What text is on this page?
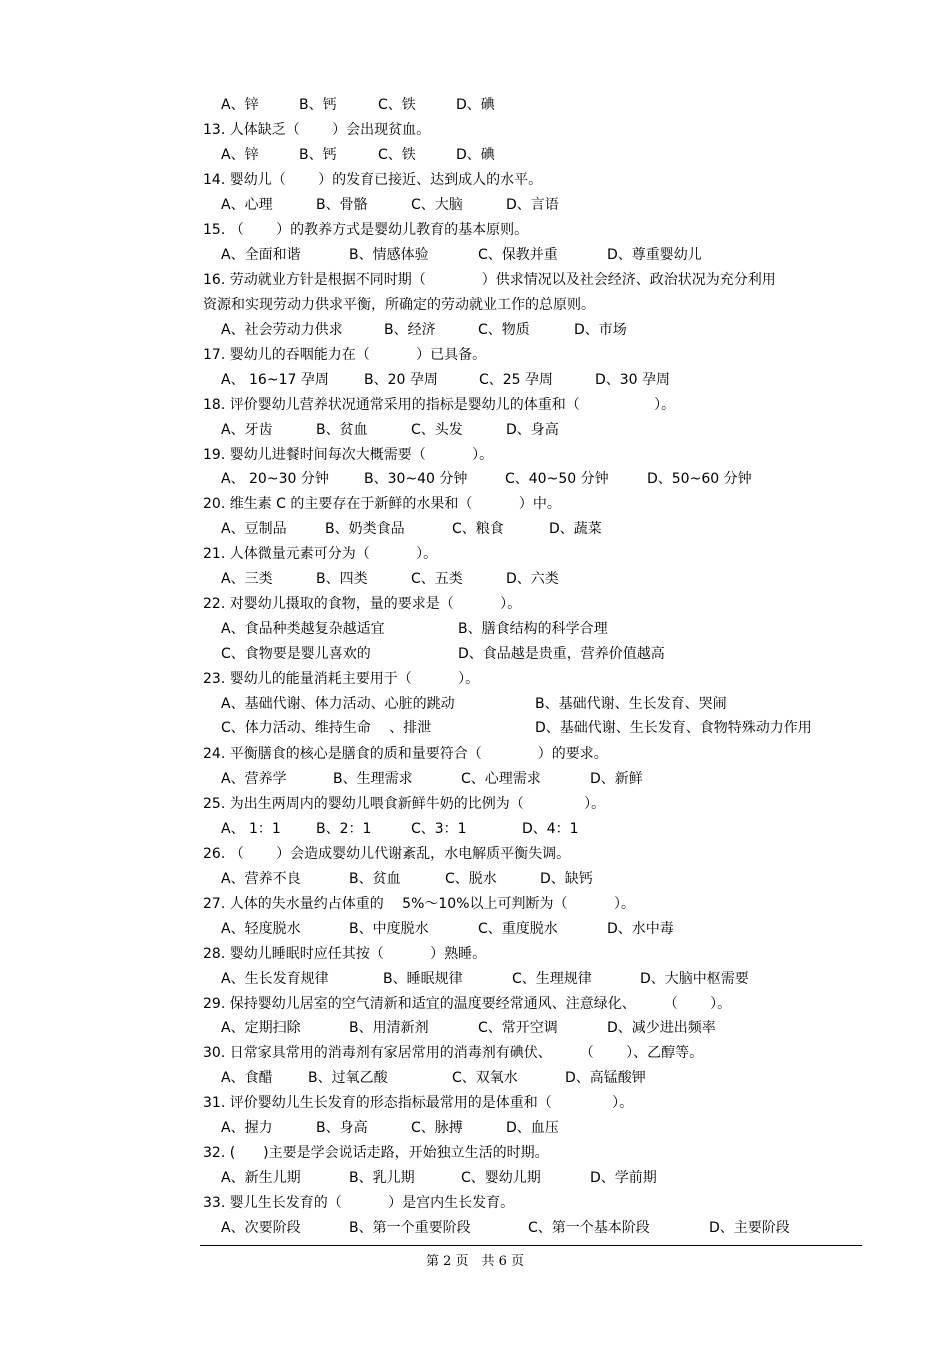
A、锌

	B、钙

	C、铁

	D、碘

13. 人体缺乏（　　 ）会出现贫血。

A、锌

	B、钙

	C、铁

	D、碘

14. 婴幼儿（　　 ）的发育已接近、达到成人的水平。

A、心理

	B、骨骼

	C、大脑

	D、言语

15. （　　 ）的教养方式是婴幼儿教育的基本原则。

A、全面和谐

	B、情感体验

	C、保教并重

	D、尊重婴幼儿

16. 劳动就业方针是根据不同时期（　　　　）供求情况以及社会经济、政治状况为充分利用
资源和实现劳动力供求平衡，所确定的劳动就业工作的总原则。

A、社会劳动力供求

	B、经济

	C、物质

	D、市场

17. 婴幼儿的吞咽能力在（　　　 ）已具备。

A、 16~17 孕周

	B、20 孕周

	C、25 孕周

	D、30 孕周

18. 评价婴幼儿营养状况通常采用的指标是婴幼儿的体重和（　　　　　 ）。

A、牙齿

	B、贫血

	C、头发

	D、身高

19. 婴幼儿进餐时间每次大概需要（　　　 ）。

A、 20~30 分钟

	B、30~40 分钟

	C、40~50 分钟

	D、50~60 分钟

20. 维生素 C 的主要存在于新鲜的水果和（　　　 ）中。

A、豆制品

	B、奶类食品

	C、粮食

	D、蔬菜

21. 人体微量元素可分为（　　　 ）。

A、三类

	B、四类

	C、五类

	D、六类

22. 对婴幼儿摄取的食物，量的要求是（　　　 ）。

A、食品种类越复杂越适宜

	B、膳食结构的科学合理

C、食物要是婴儿喜欢的

	D、食品越是贵重，营养价值越高

23. 婴幼儿的能量消耗主要用于（　　　 ）。

A、基础代谢、体力活动、心脏的跳动

	B、基础代谢、生长发育、哭闹

C、体力活动、维持生命　 、排泄

	D、基础代谢、生长发育、食物特殊动力作用

24. 平衡膳食的核心是膳食的质和量要符合（　　　　）的要求。

A、营养学

	B、生理需求

	C、心理需求

	D、新鲜

25. 为出生两周内的婴幼儿喂食新鲜牛奶的比例为（　　　　 ）。

A、 1：1

	B、2：1

	C、3：1

	D、4：1

26. （　　 ）会造成婴幼儿代谢紊乱，水电解质平衡失调。

A、营养不良

	B、贫血

	C、脱水

	D、缺钙

27. 人体的失水量约占体重的　 5%～10%以上可判断为（　　　 ）。

A、轻度脱水

	B、中度脱水

	C、重度脱水

	D、水中毒

28. 婴幼儿睡眠时应任其按（　　　 ）熟睡。

A、生长发育规律

	B、睡眠规律

	C、生理规律

	D、大脑中枢需要

29. 保持婴幼儿居室的空气清新和适宜的温度要经常通风、注意绿化、　　　（　　 ）。

A、定期扫除

	B、用清新剂

	C、常开空调

	D、减少进出频率

30. 日常家具常用的消毒剂有家居常用的消毒剂有碘伏、　　　（　　 ）、乙醇等。

A、食醋

	B、过氧乙酸

	C、双氧水

	D、高锰酸钾

31. 评价婴幼儿生长发育的形态指标最常用的是体重和（　　　　 ）。

A、握力

	B、身高

	C、脉搏

	D、血压

32. (　　)主要是学会说话走路，开始独立生活的时期。

A、新生儿期

	B、乳儿期

	C、婴幼儿期

	D、学前期

33. 婴儿生长发育的（　　　 ）是宫内生长发育。

A、次要阶段

	B、第一个重要阶段

	C、第一个基本阶段

	D、主要阶段

第 2 页　共 6 页
